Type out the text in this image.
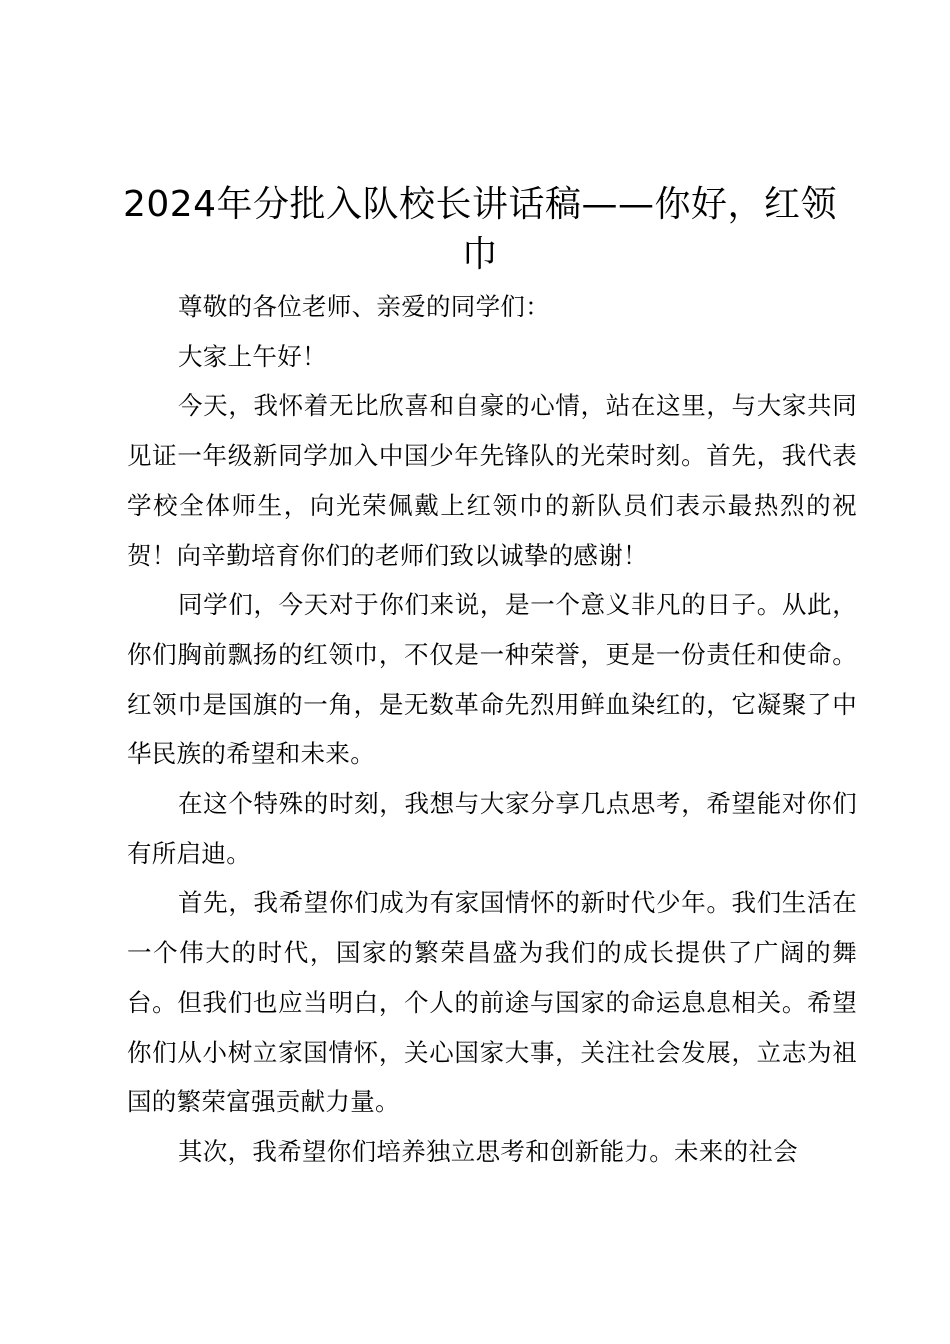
2024年分批入队校长讲话稿——你好，红领巾

尊敬的各位老师、亲爱的同学们：

大家上午好！

今天，我怀着无比欣喜和自豪的心情，站在这里，与大家共同见证一年级新同学加入中国少年先锋队的光荣时刻。首先，我代表学校全体师生，向光荣佩戴上红领巾的新队员们表示最热烈的祝贺！向辛勤培育你们的老师们致以诚挚的感谢！

同学们，今天对于你们来说，是一个意义非凡的日子。从此，你们胸前飘扬的红领巾，不仅是一种荣誉，更是一份责任和使命。红领巾是国旗的一角，是无数革命先烈用鲜血染红的，它凝聚了中华民族的希望和未来。

在这个特殊的时刻，我想与大家分享几点思考，希望能对你们有所启迪。

首先，我希望你们成为有家国情怀的新时代少年。我们生活在一个伟大的时代，国家的繁荣昌盛为我们的成长提供了广阔的舞台。但我们也应当明白，个人的前途与国家的命运息息相关。希望你们从小树立家国情怀，关心国家大事，关注社会发展，立志为祖国的繁荣富强贡献力量。

其次，我希望你们培养独立思考和创新能力。未来的社会
